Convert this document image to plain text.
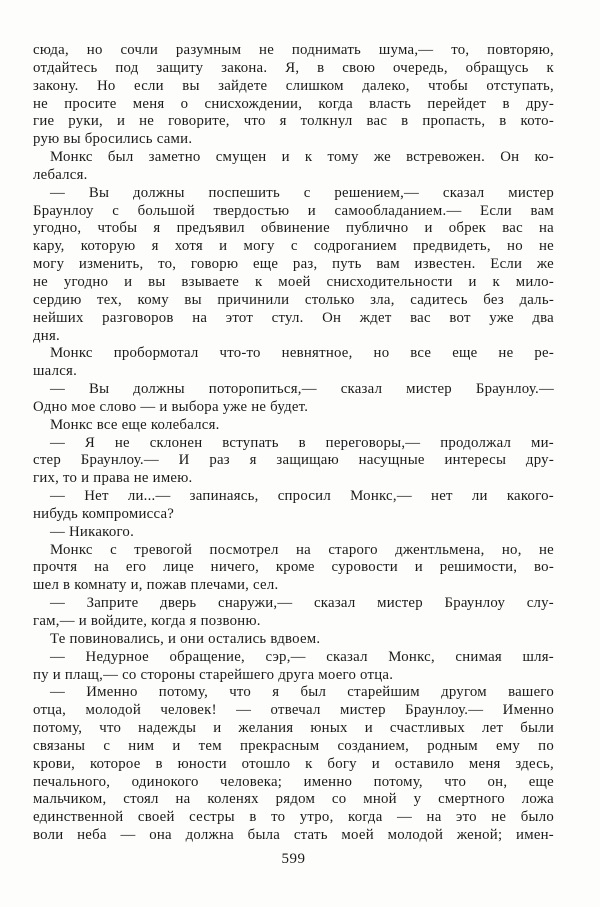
сюда, но сочли разумным не поднимать шума,— то, повторяю,
отдайтесь под защиту закона. Я, в свою очередь, обращусь к
закону. Но если вы зайдете слишком далеко, чтобы отступать,
не просите меня о снисхождении, когда власть перейдет в дру-
гие руки, и не говорите, что я толкнул вас в пропасть, в кото-
рую вы бросились сами.
Монкс был заметно смущен и к тому же встревожен. Он ко-
лебался.
— Вы должны поспешить с решением,— сказал мистер
Браунлоу с большой твердостью и самообладанием.— Если вам
угодно, чтобы я предъявил обвинение публично и обрек вас на
кару, которую я хотя и могу с содроганием предвидеть, но не
могу изменить, то, говорю еще раз, путь вам известен. Если же
не угодно и вы взываете к моей снисходительности и к мило-
сердию тех, кому вы причинили столько зла, садитесь без даль-
нейших разговоров на этот стул. Он ждет вас вот уже два
дня.
Монкс пробормотал что-то невнятное, но все еще не ре-
шался.
— Вы должны поторопиться,— сказал мистер Браунлоу.—
Одно мое слово — и выбора уже не будет.
Монкс все еще колебался.
— Я не склонен вступать в переговоры,— продолжал ми-
стер Браунлоу.— И раз я защищаю насущные интересы дру-
гих, то и права не имею.
— Нет ли...— запинаясь, спросил Монкс,— нет ли какого-
нибудь компромисса?
— Никакого.
Монкс с тревогой посмотрел на старого джентльмена, но, не
прочтя на его лице ничего, кроме суровости и решимости, во-
шел в комнату и, пожав плечами, сел.
— Заприте дверь снаружи,— сказал мистер Браунлоу слу-
гам,— и войдите, когда я позвоню.
Те повиновались, и они остались вдвоем.
— Недурное обращение, сэр,— сказал Монкс, снимая шля-
пу и плащ,— со стороны старейшего друга моего отца.
— Именно потому, что я был старейшим другом вашего
отца, молодой человек! — отвечал мистер Браунлоу.— Именно
потому, что надежды и желания юных и счастливых лет были
связаны с ним и тем прекрасным созданием, родным ему по
крови, которое в юности отошло к богу и оставило меня здесь,
печального, одинокого человека; именно потому, что он, еще
мальчиком, стоял на коленях рядом со мной у смертного ложа
единственной своей сестры в то утро, когда — на это не было
воли неба — она должна была стать моей молодой женой; имен-
599
